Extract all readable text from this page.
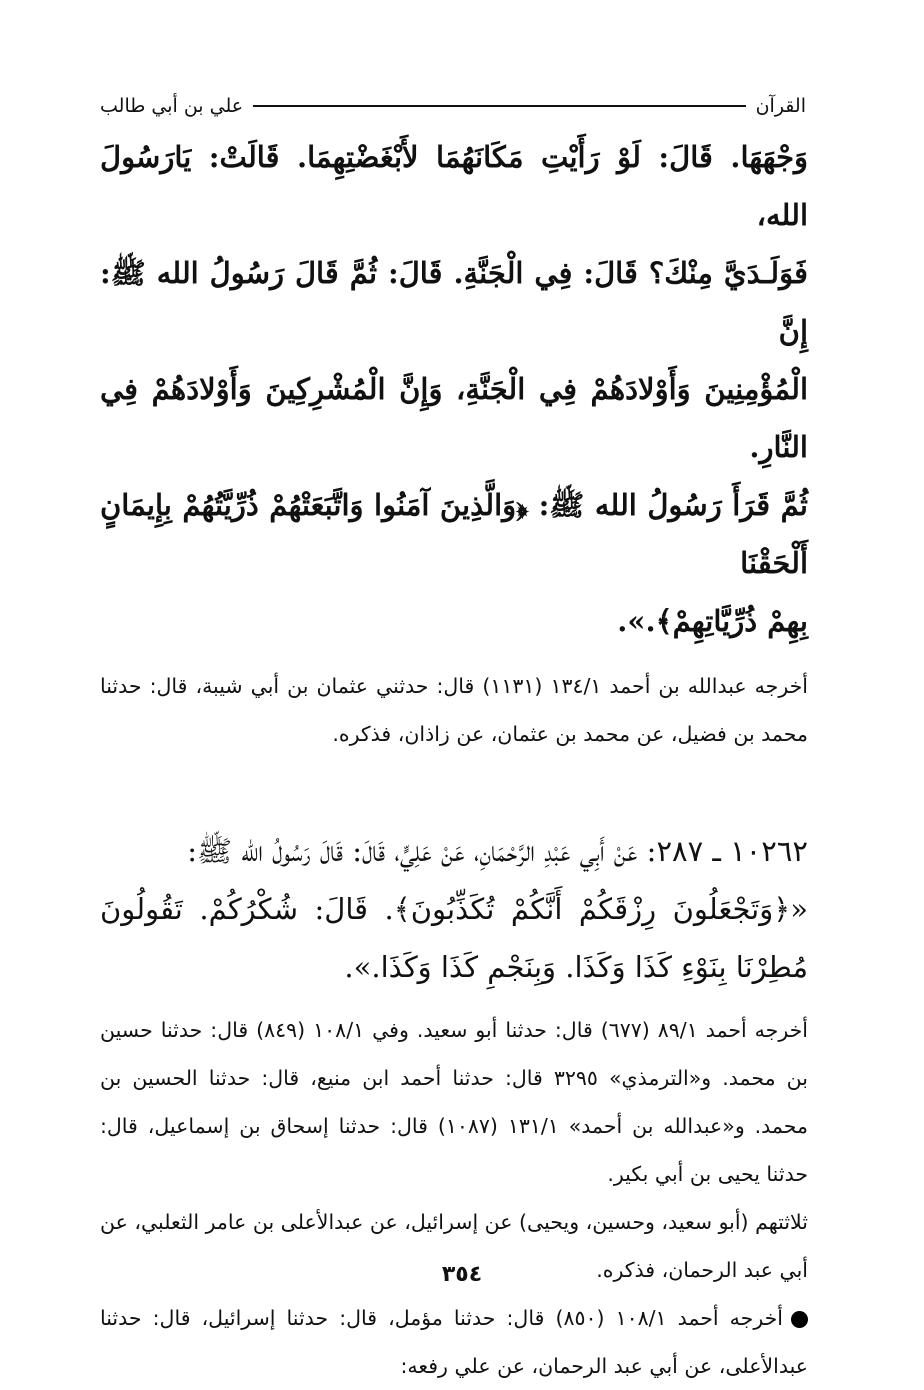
القرآن
علي بن أبي طالب

وَجْهَهَا. قَالَ: لَوْ رَأَيْتِ مَكَانَهُمَا لأَبْغَضْتِهِمَا. قَالَتْ: يَارَسُولَ الله،

فَوَلَـدَيَّ مِنْكَ؟ قَالَ: فِي الْجَنَّةِ. قَالَ: ثُمَّ قَالَ رَسُولُ الله ﷺ: إِنَّ

الْمُؤْمِنِينَ وَأَوْلادَهُمْ فِي الْجَنَّةِ، وَإِنَّ الْمُشْرِكِينَ وَأَوْلادَهُمْ فِي النَّارِ.

ثُمَّ قَرَأَ رَسُولُ الله ﷺ: ﴿وَالَّذِينَ آمَنُوا وَاتَّبَعَتْهُمْ ذُرِّيَّتُهُمْ بِإِيمَانٍ أَلْحَقْنَا

بِهِمْ ذُرِّيَّاتِهِمْ﴾.».

أخرجه عبدالله بن أحمد ١٣٤/١ (١١٣١) قال: حدثني عثمان بن أبي شيبة، قال: حدثنا محمد بن فضيل، عن محمد بن عثمان، عن زاذان، فذكره.

١٠٢٦٢ ـ ٢٨٧: عَنْ أَبِي عَبْدِ الرَّحْمَانِ، عَنْ عَلِيٍّ، قَالَ: قَالَ رَسُولُ الله ﷺ:

«﴿وَتَجْعَلُونَ رِزْقَكُمْ أَنَّكُمْ تُكَذِّبُونَ﴾. قَالَ: شُكْرُكُمْ. تَقُولُونَ مُطِرْنَا بِنَوْءِ كَذَا وَكَذَا. وَبِنَجْمِ كَذَا وَكَذَا.».

أخرجه أحمد ٨٩/١ (٦٧٧) قال: حدثنا أبو سعيد. وفي ١٠٨/١ (٨٤٩) قال: حدثنا حسين بن محمد. و«الترمذي» ٣٢٩٥ قال: حدثنا أحمد ابن منيع، قال: حدثنا الحسين بن محمد. و«عبدالله بن أحمد» ١٣١/١ (١٠٨٧) قال: حدثنا إسحاق بن إسماعيل، قال: حدثنا يحيى بن أبي بكير.

ثلاثتهم (أبو سعيد، وحسين، ويحيى) عن إسرائيل، عن عبدالأعلى بن عامر الثعلبي، عن أبي عبد الرحمان، فذكره.

أخرجه أحمد ١٠٨/١ (٨٥٠) قال: حدثنا مؤمل، قال: حدثنا إسرائيل، قال: حدثنا عبدالأعلى، عن أبي عبد الرحمان، عن علي رفعه:

٣٥٤
